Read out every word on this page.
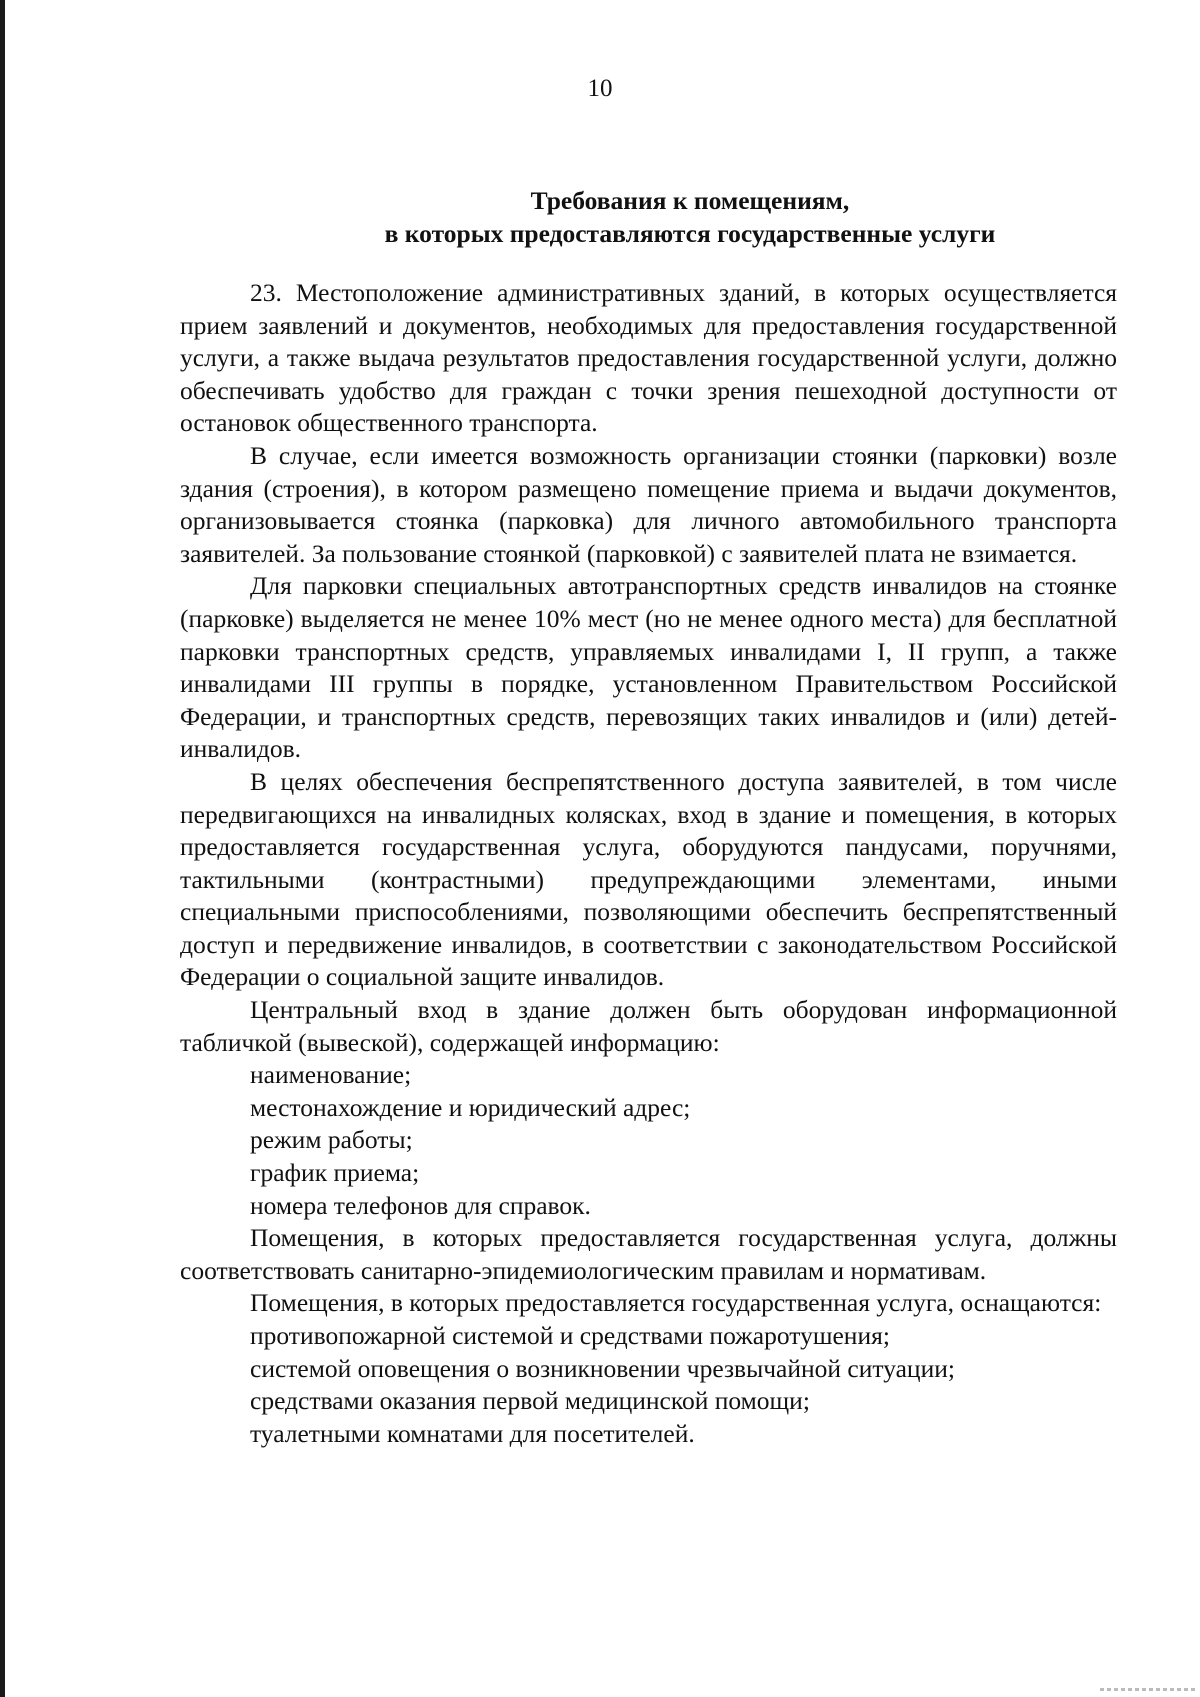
10
Требования к помещениям,
в которых предоставляются государственные услуги

23. Местоположение административных зданий, в которых осуществляется прием заявлений и документов, необходимых для предоставления государственной услуги, а также выдача результатов предоставления государственной услуги, должно обеспечивать удобство для граждан с точки зрения пешеходной доступности от остановок общественного транспорта.

В случае, если имеется возможность организации стоянки (парковки) возле здания (строения), в котором размещено помещение приема и выдачи документов, организовывается стоянка (парковка) для личного автомобильного транспорта заявителей. За пользование стоянкой (парковкой) с заявителей плата не взимается.

Для парковки специальных автотранспортных средств инвалидов на стоянке (парковке) выделяется не менее 10% мест (но не менее одного места) для бесплатной парковки транспортных средств, управляемых инвалидами I, II групп, а также инвалидами III группы в порядке, установленном Правительством Российской Федерации, и транспортных средств, перевозящих таких инвалидов и (или) детей-инвалидов.

В целях обеспечения беспрепятственного доступа заявителей, в том числе передвигающихся на инвалидных колясках, вход в здание и помещения, в которых предоставляется государственная услуга, оборудуются пандусами, поручнями, тактильными (контрастными) предупреждающими элементами, иными специальными приспособлениями, позволяющими обеспечить беспрепятственный доступ и передвижение инвалидов, в соответствии с законодательством Российской Федерации о социальной защите инвалидов.

Центральный вход в здание должен быть оборудован информационной табличкой (вывеской), содержащей информацию:

наименование;

местонахождение и юридический адрес;

режим работы;

график приема;

номера телефонов для справок.

Помещения, в которых предоставляется государственная услуга, должны соответствовать санитарно-эпидемиологическим правилам и нормативам.

Помещения, в которых предоставляется государственная услуга, оснащаются:

противопожарной системой и средствами пожаротушения;

системой оповещения о возникновении чрезвычайной ситуации;

средствами оказания первой медицинской помощи;

туалетными комнатами для посетителей.
